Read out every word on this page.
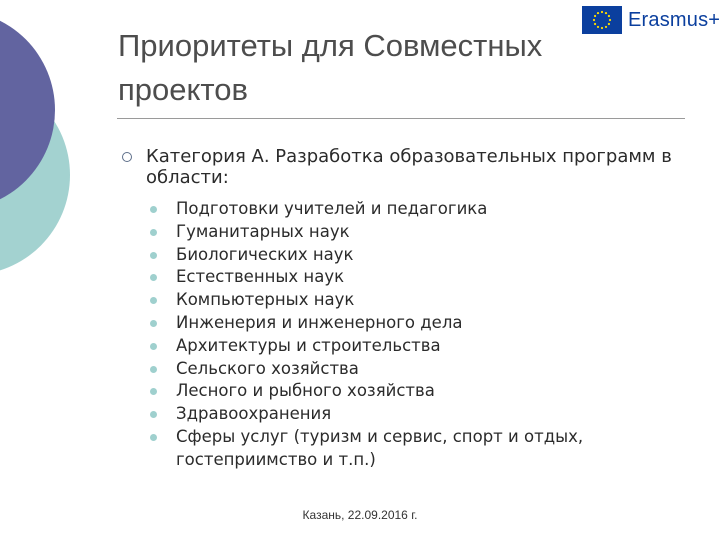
Erasmus+
Приоритеты для Совместных
проектов
Категория А. Разработка образовательных программ в области:
Подготовки учителей и педагогика
Гуманитарных наук
Биологических наук
Естественных наук
Компьютерных наук
Инженерия и инженерного дела
Архитектуры и строительства
Сельского хозяйства
Лесного и рыбного хозяйства
Здравоохранения
Сферы услуг (туризм и сервис, спорт и отдых, гостеприимство и т.п.)
Казань, 22.09.2016 г.
